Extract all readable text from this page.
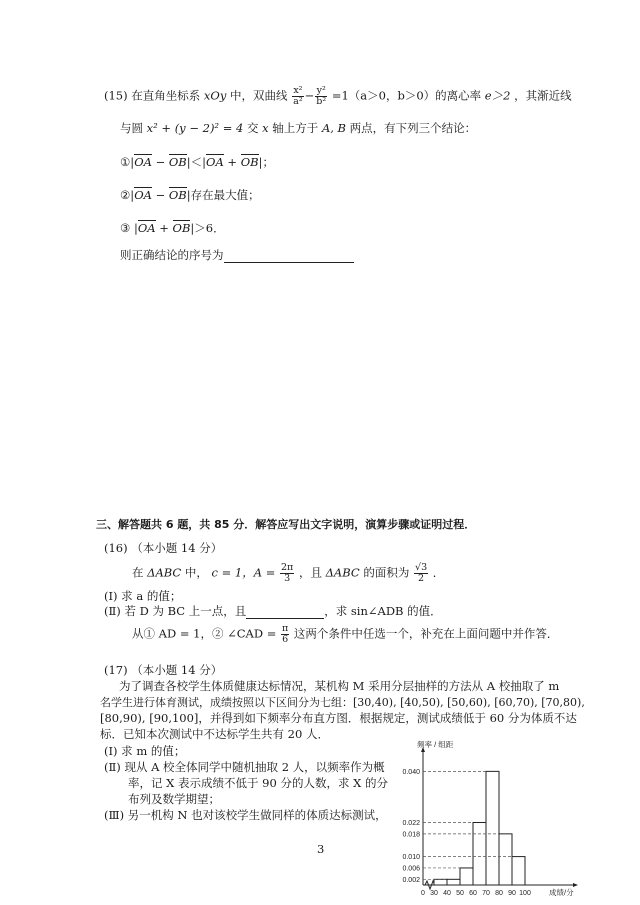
(15) 在直角坐标系 xOy 中，双曲线 $\frac{\text{x²}}{\text{a²}} - \frac{\text{y²}}{\text{b²}} =1(a>0$，b＞0）的离心率 e＞2 ，其渐近线
与圆 x² + (y − 2)² = 4 交 x 轴上方于 A, B 两点，有下列三个结论：
①|OA − OB|＜|OA + OB|；
②|OA − OB|存在最大值；
③ |OA + OB|＞6．
则正确结论的序号为
三、解答题共 6 题，共 85 分．解答应写出文字说明，演算步骤或证明过程．
(16) （本小题 14 分）
在 ΔABC 中， c = 1，$A = \frac{2\pi}{3}$ ，且 ΔABC 的面积为 $\frac{√3}{2}$ ．
(Ⅰ) 求 a 的值；
(Ⅱ) 若 D 为 BC 上一点，且	，求 sin∠ADB 的值．
从① AD = 1，② ∠CAD = $\frac{\pi}{6}$ 这两个条件中任选一个，补充在上面问题中并作答．
(17) （本小题 14 分）
为了调查各校学生体质健康达标情况，某机构 M 采用分层抽样的方法从 A 校抽取了 m
名学生进行体育测试，成绩按照以下区间分为七组：[30,40), [40,50), [50,60), [60,70), [70,80),
[80,90), [90,100]，并得到如下频率分布直方图．根据规定，测试成绩低于 60 分为体质不达
标．已知本次测试中不达标学生共有 20 人．
(Ⅰ) 求 m 的值；
(Ⅱ) 现从 A 校全体同学中随机抽取 2 人，以频率作为概
率，记 X 表示成绩不低于 90 分的人数，求 X 的分
布列及数学期望；
(Ⅲ) 另一机构 N 也对该校学生做同样的体质达标测试，
3
0.002
0.006
0.010
0.018
0.022
0.040
0 30 40 50 60 70 80 90 100
频率 / 组距
成绩/分
